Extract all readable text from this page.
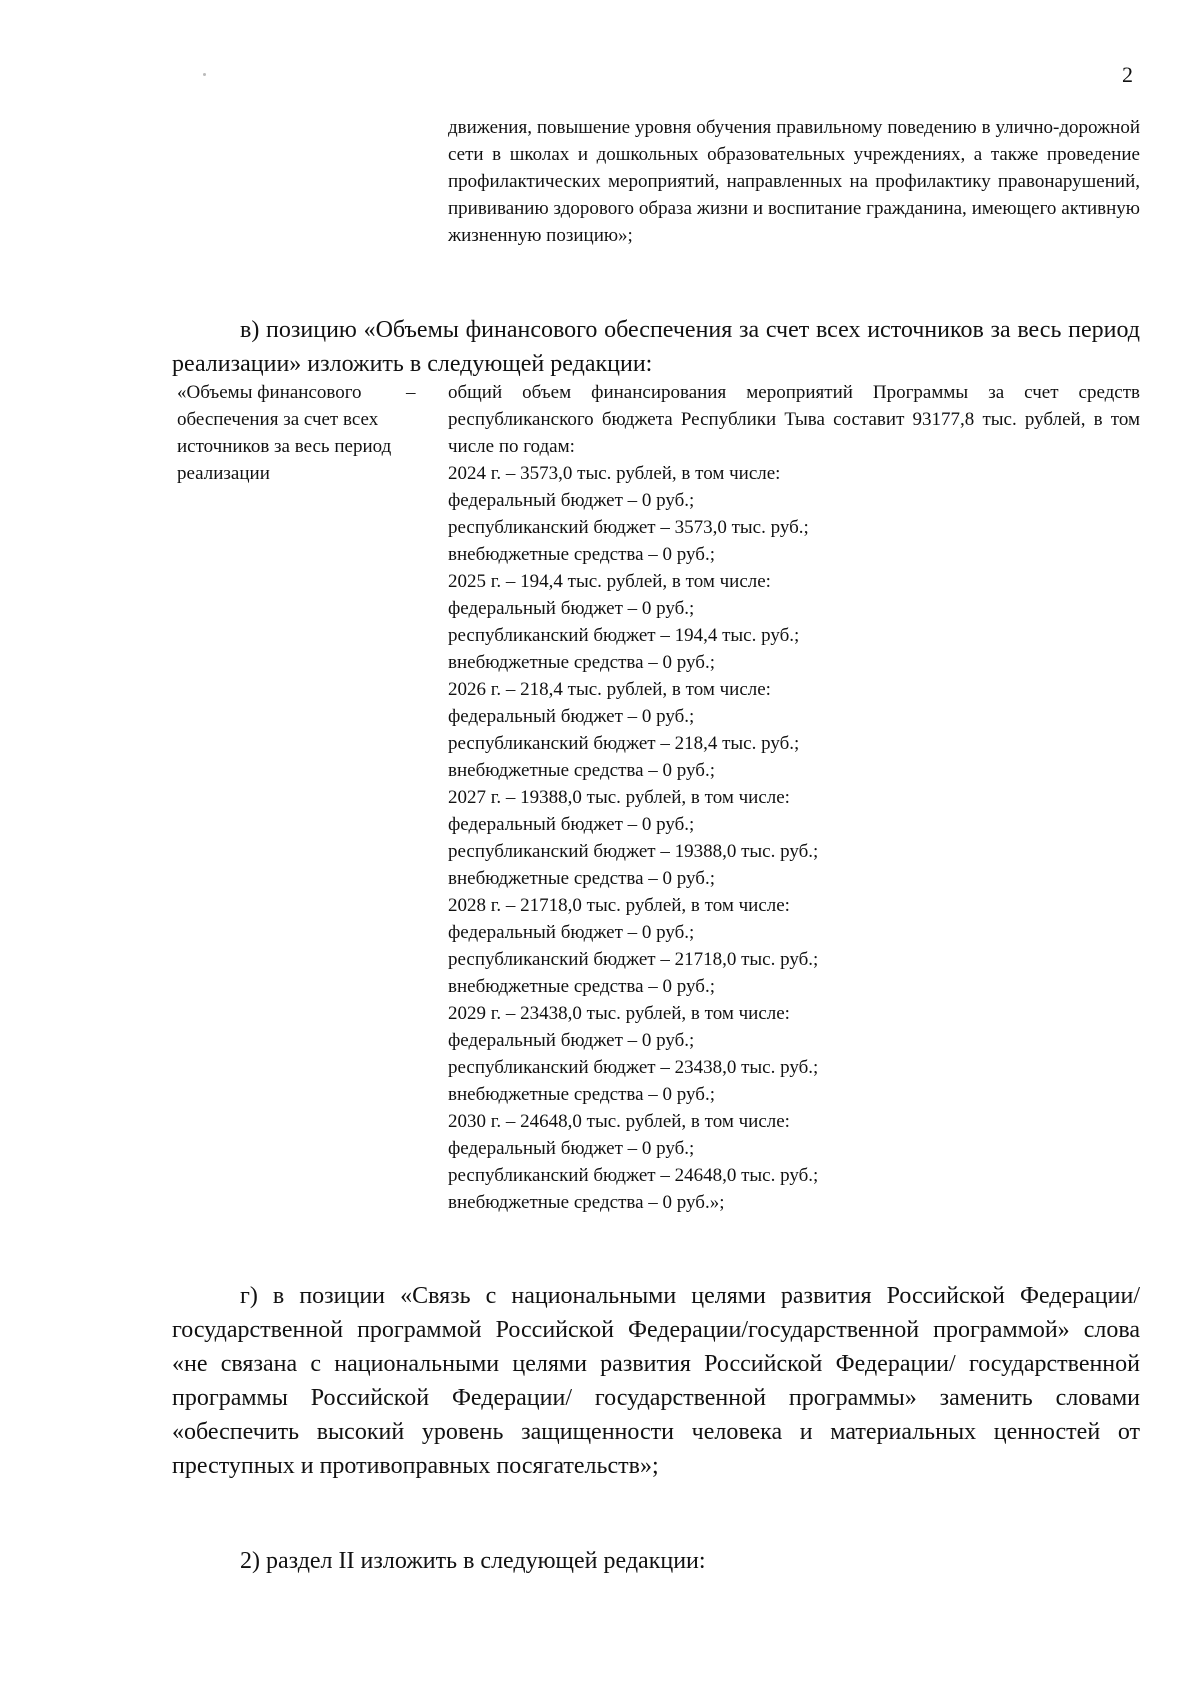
2
движения, повышение уровня обучения правильному поведению в улично-дорожной сети в школах и дошкольных образовательных учреждениях, а также проведение профилактических мероприятий, направленных на профилактику правонарушений, прививанию здорового образа жизни и воспитание гражданина, имеющего активную жизненную позицию»;
в) позицию «Объемы финансового обеспечения за счет всех источников за весь период реализации» изложить в следующей редакции:
«Объемы финансового обеспечения за счет всех источников за весь период реализации
– общий объем финансирования мероприятий Программы за счет средств республиканского бюджета Республики Тыва составит 93177,8 тыс. рублей, в том числе по годам:
2024 г. – 3573,0 тыс. рублей, в том числе:
федеральный бюджет – 0 руб.;
республиканский бюджет – 3573,0 тыс. руб.;
внебюджетные средства – 0 руб.;
2025 г. – 194,4 тыс. рублей, в том числе:
федеральный бюджет – 0 руб.;
республиканский бюджет – 194,4 тыс. руб.;
внебюджетные средства – 0 руб.;
2026 г. – 218,4 тыс. рублей, в том числе:
федеральный бюджет – 0 руб.;
республиканский бюджет – 218,4 тыс. руб.;
внебюджетные средства – 0 руб.;
2027 г. – 19388,0 тыс. рублей, в том числе:
федеральный бюджет – 0 руб.;
республиканский бюджет – 19388,0 тыс. руб.;
внебюджетные средства – 0 руб.;
2028 г. – 21718,0 тыс. рублей, в том числе:
федеральный бюджет – 0 руб.;
республиканский бюджет – 21718,0 тыс. руб.;
внебюджетные средства – 0 руб.;
2029 г. – 23438,0 тыс. рублей, в том числе:
федеральный бюджет – 0 руб.;
республиканский бюджет – 23438,0 тыс. руб.;
внебюджетные средства – 0 руб.;
2030 г. – 24648,0 тыс. рублей, в том числе:
федеральный бюджет – 0 руб.;
республиканский бюджет – 24648,0 тыс. руб.;
внебюджетные средства – 0 руб.»;
г) в позиции «Связь с национальными целями развития Российской Федерации/ государственной программой Российской Федерации/государственной программой» слова «не связана с национальными целями развития Российской Федерации/ государственной программы Российской Федерации/ государственной программы» заменить словами «обеспечить высокий уровень защищенности человека и материальных ценностей от преступных и противоправных посягательств»;
2) раздел II изложить в следующей редакции:
